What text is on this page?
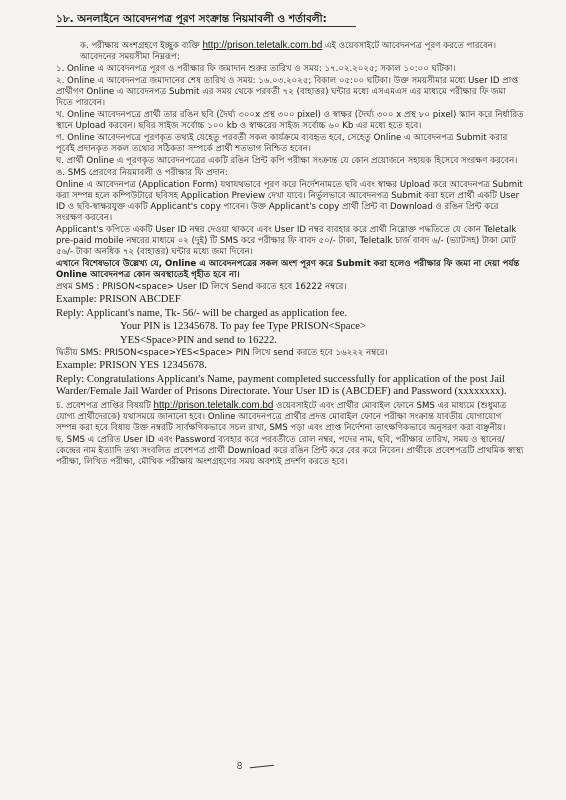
১৮. অনলাইনে আবেদনপত্র পূরণ সংক্রান্ত নিয়মাবলী ও শর্তাবলী:

ক. পরীক্ষায় অংশগ্রহণে ইচ্ছুক ব্যক্তি http://prison.teletalk.com.bd এই ওয়েবসাইটে আবেদনপত্র পূরণ করতে পারবেন। আবেদনের সময়সীমা নিম্নরূপ:

১. Online এ আবেদনপত্র পূরণ ও পরীক্ষার ফি জমাদান শুরুর তারিখ ও সময়: ১৭.০২.২০২৫; সকাল ১০:০০ ঘটিকা।

২. Online এ আবেদনপত্র জমাদানের শেষ তারিখ ও সময়: ১৬.০৩.২০২৫; বিকাল ০৫:০০ ঘটিকা। উক্ত সময়সীমার মধ্যে User ID প্রাপ্ত প্রার্থীগণ Online এ আবেদনপত্র Submit এর সময় থেকে পরবর্তী ৭২ (বাহাত্তর) ঘন্টার মধ্যে এসএমএস এর মাধ্যমে পরীক্ষার ফি জমা দিতে পারবেন।

খ. Online আবেদনপত্রে প্রার্থী তার রঙিন ছবি (দৈর্ঘ্য ৩০০x প্রস্থ ৩০০ pixel) ও স্বাক্ষর (দৈর্ঘ্য ৩০০ x প্রস্থ ৮০ pixel) স্ক্যান করে নির্ধারিত স্থানে Upload করবেন। ছবির সাইজ সর্বোচ্চ ১০০ kb ও স্বাক্ষরের সাইজ সর্বোচ্চ ৬০ Kb এর মধ্যে হতে হবে।

গ. Online আবেদনপত্রে পূরণকৃত তথ্যই যেহেতু পরবর্তী সকল কার্যক্রমে ব্যবহৃত হবে, সেহেতু Online এ আবেদনপত্র Submit করার পূর্বেই প্রদানকৃত সকল তথ্যের সঠিকতা সম্পর্কে প্রার্থী শতভাগ নিশ্চিত হবেন।

ঘ. প্রার্থী Online এ পূরণকৃত আবেদনপত্রের একটি রঙিন প্রিন্ট কপি পরীক্ষা সংক্রান্ত যে কোন প্রয়োজনে সহায়ক হিসেবে সংরক্ষণ করবেন।

ঙ. SMS প্রেরণের নিয়মাবলী ও পরীক্ষার ফি প্রদান:

Online এ আবেদনপত্র (Application Form) যথাযথভাবে পূরণ করে নির্দেশনামতে ছবি এবং স্বাক্ষর Upload করে আবেদনপত্র Submit করা সম্পন্ন হলে কম্পিউটারে ছবিসহ Application Preview দেখা যাবে। নির্ভুলভাবে আবেদনপত্র Submit করা হলে প্রার্থী একটি User ID ও ছবি-স্বাক্ষরযুক্ত একটি Applicant's copy পাবেন। উক্ত Applicant's copy প্রার্থী প্রিন্ট বা Download ও রঙিন প্রিন্ট করে সংরক্ষণ করবেন।

Applicant's কপিতে একটি User ID নম্বর দেওয়া থাকবে এবং User ID নম্বর ব্যবহার করে প্রার্থী নিম্নোক্ত পদ্ধতিতে যে কোন Teletalk pre-paid mobile নম্বরের মাধ্যমে ০২ (দুই) টি SMS করে পরীক্ষার ফি বাবদ ৫০/- টাকা, Teletalk চার্জ বাবদ ৬/- (ভ্যাটসহ) টাকা মোট ৫৬/- টাকা অনধিক ৭২ (বাহাত্তর) ঘন্টার মধ্যে জমা দিবেন।

এখানে বিশেষভাবে উল্লেখ্য যে, Online এ আবেদনপত্রের সকল অংশ পূরণ করে Submit করা হলেও পরীক্ষার ফি জমা না দেয়া পর্যন্ত Online আবেদনপত্র কোন অবস্থাতেই গৃহীত হবে না।

প্রথম SMS : PRISON<space> User ID লিখে Send করতে হবে 16222 নম্বরে।

Example: PRISON ABCDEF

Reply: Applicant's name, Tk- 56/- will be charged as application fee.

Your PIN is 12345678. To pay fee Type PRISON<Space>

YES<Space>PIN and send to 16222.

দ্বিতীয় SMS: PRISON<space>YES<Space> PIN লিখে send করতে হবে ১৬২২২ নম্বরে।

Example: PRISON YES 12345678.

Reply: Congratulations Applicant's Name, payment completed successfully for application of the post Jail Warder/Female Jail Warder of Prisons Directorate. Your User ID is (ABCDEF) and Password (xxxxxxxx).

চ. প্রবেশপত্র প্রাপ্তির বিষয়টি http://prison.teletalk.com.bd ওয়েবসাইটে এবং প্রার্থীর মোবাইল ফোনে SMS এর মাধ্যমে (শুধুমাত্র যোগ্য প্রার্থীদেরকে) যথাসময়ে জানানো হবে। Online আবেদনপত্রে প্রার্থীর প্রদত্ত মোবাইল ফোনে পরীক্ষা সংক্রান্ত যাবতীয় যোগাযোগ সম্পন্ন করা হবে বিধায় উক্ত নম্বরটি সার্বক্ষণিকভাবে সচল রাখা, SMS পড়া এবং প্রাপ্ত নির্দেশনা তাৎক্ষণিকভাবে অনুসরণ করা বাঞ্ছনীয়।

ছ. SMS এ প্রেরিত User ID এবং Password ব্যবহার করে পরবর্তীতে রোল নম্বর, পদের নাম, ছবি, পরীক্ষার তারিখ, সময় ও স্থানের/কেন্দ্রের নাম ইত্যাদি তথ্য সংবলিত প্রবেশপত্র প্রার্থী Download করে রঙিন প্রিন্ট করে বের করে নিবেন। প্রার্থীকে প্রবেশপত্রটি প্রাথমিক স্বাস্থ্য পরীক্ষা, লিখিত পরীক্ষা, মৌখিক পরীক্ষায় অংশগ্রহণের সময় অবশ্যই প্রদর্শণ করতে হবে।

৪
